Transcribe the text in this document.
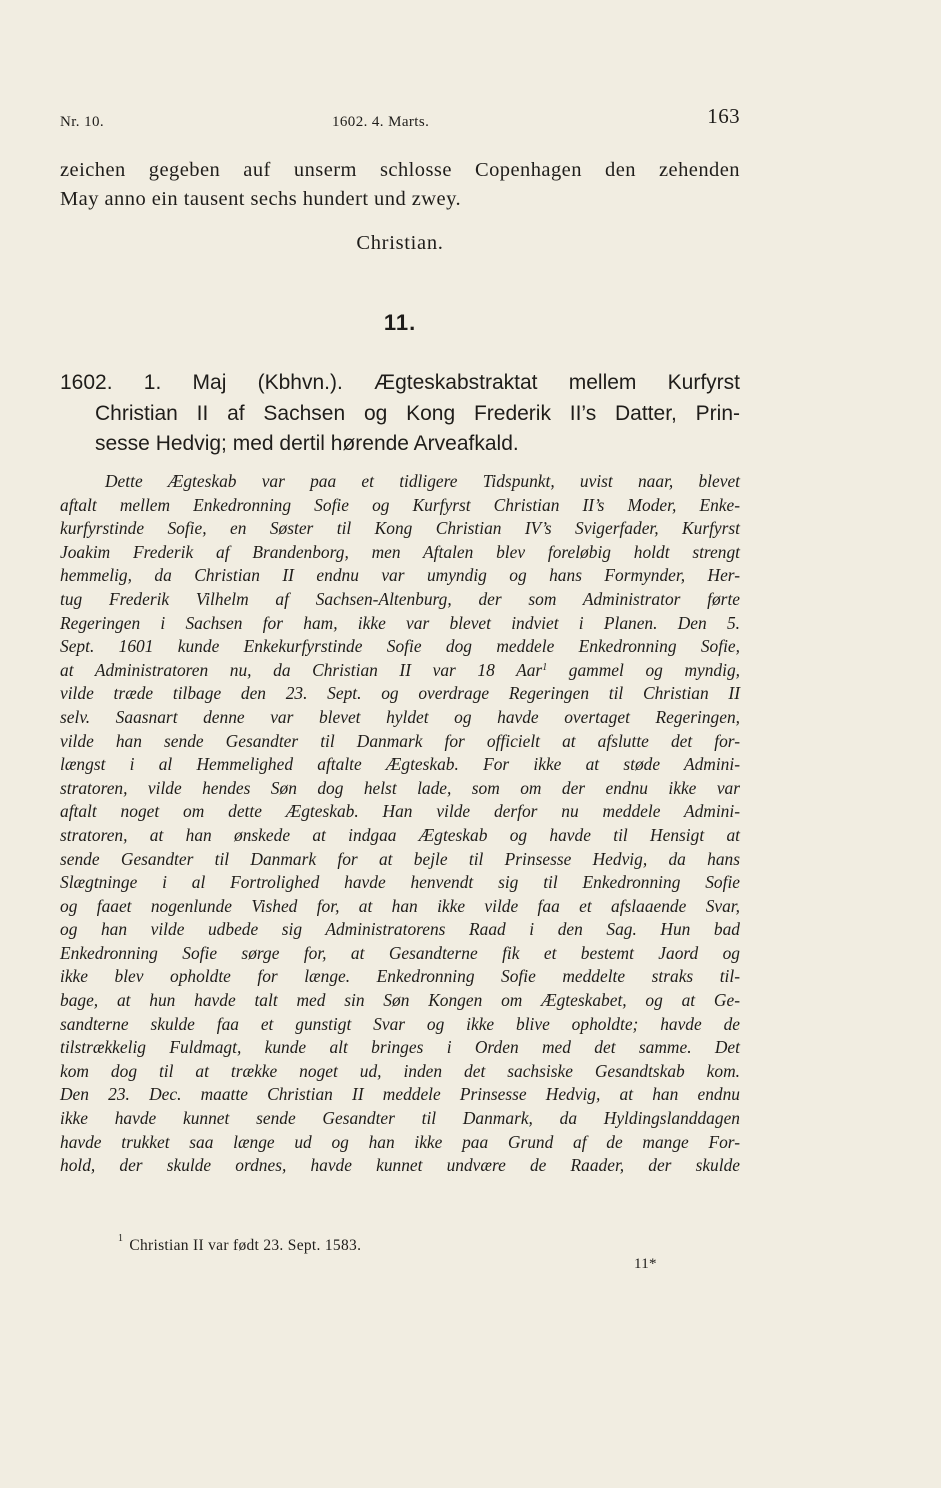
Nr. 10.	1602. 4. Marts.	163
zeichen gegeben auf unserm schlosse Copenhagen den zehenden
May anno ein tausent sechs hundert und zwey.
Christian.
11.
1602. 1. Maj (Kbhvn.). Ægteskabstraktat mellem Kurfyrst
Christian II af Sachsen og Kong Frederik II’s Datter, Prin-
sesse Hedvig; med dertil hørende Arveafkald.
Dette Ægteskab var paa et tidligere Tidspunkt, uvist naar, blevet
aftalt mellem Enkedronning Sofie og Kurfyrst Christian II’s Moder, Enke-
kurfyrstinde Sofie, en Søster til Kong Christian IV’s Svigerfader, Kurfyrst
Joakim Frederik af Brandenborg, men Aftalen blev foreløbig holdt strengt
hemmelig, da Christian II endnu var umyndig og hans Formynder, Her-
tug Frederik Vilhelm af Sachsen-Altenburg, der som Administrator førte
Regeringen i Sachsen for ham, ikke var blevet indviet i Planen. Den 5.
Sept. 1601 kunde Enkekurfyrstinde Sofie dog meddele Enkedronning Sofie,
at Administratoren nu, da Christian II var 18 Aar$^1$ gammel og myndig,
vilde træde tilbage den 23. Sept. og overdrage Regeringen til Christian II
selv. Saasnart denne var blevet hyldet og havde overtaget Regeringen,
vilde han sende Gesandter til Danmark for officielt at afslutte det for-
længst i al Hemmelighed aftalte Ægteskab. For ikke at støde Admini-
stratoren, vilde hendes Søn dog helst lade, som om der endnu ikke var
aftalt noget om dette Ægteskab. Han vilde derfor nu meddele Admini-
stratoren, at han ønskede at indgaa Ægteskab og havde til Hensigt at
sende Gesandter til Danmark for at bejle til Prinsesse Hedvig, da hans
Slægtninge i al Fortrolighed havde henvendt sig til Enkedronning Sofie
og faaet nogenlunde Vished for, at han ikke vilde faa et afslaaende Svar,
og han vilde udbede sig Administratorens Raad i den Sag. Hun bad
Enkedronning Sofie sørge for, at Gesandterne fik et bestemt Jaord og
ikke blev opholdte for længe. Enkedronning Sofie meddelte straks til-
bage, at hun havde talt med sin Søn Kongen om Ægteskabet, og at Ge-
sandterne skulde faa et gunstigt Svar og ikke blive opholdte; havde de
tilstrækkelig Fuldmagt, kunde alt bringes i Orden med det samme. Det
kom dog til at trække noget ud, inden det sachsiske Gesandtskab kom.
Den 23. Dec. maatte Christian II meddele Prinsesse Hedvig, at han endnu
ikke havde kunnet sende Gesandter til Danmark, da Hyldingslanddagen
havde trukket saa længe ud og han ikke paa Grund af de mange For-
hold, der skulde ordnes, havde kunnet undvære de Raader, der skulde
$^1$ Christian II var født 23. Sept. 1583.
11*
